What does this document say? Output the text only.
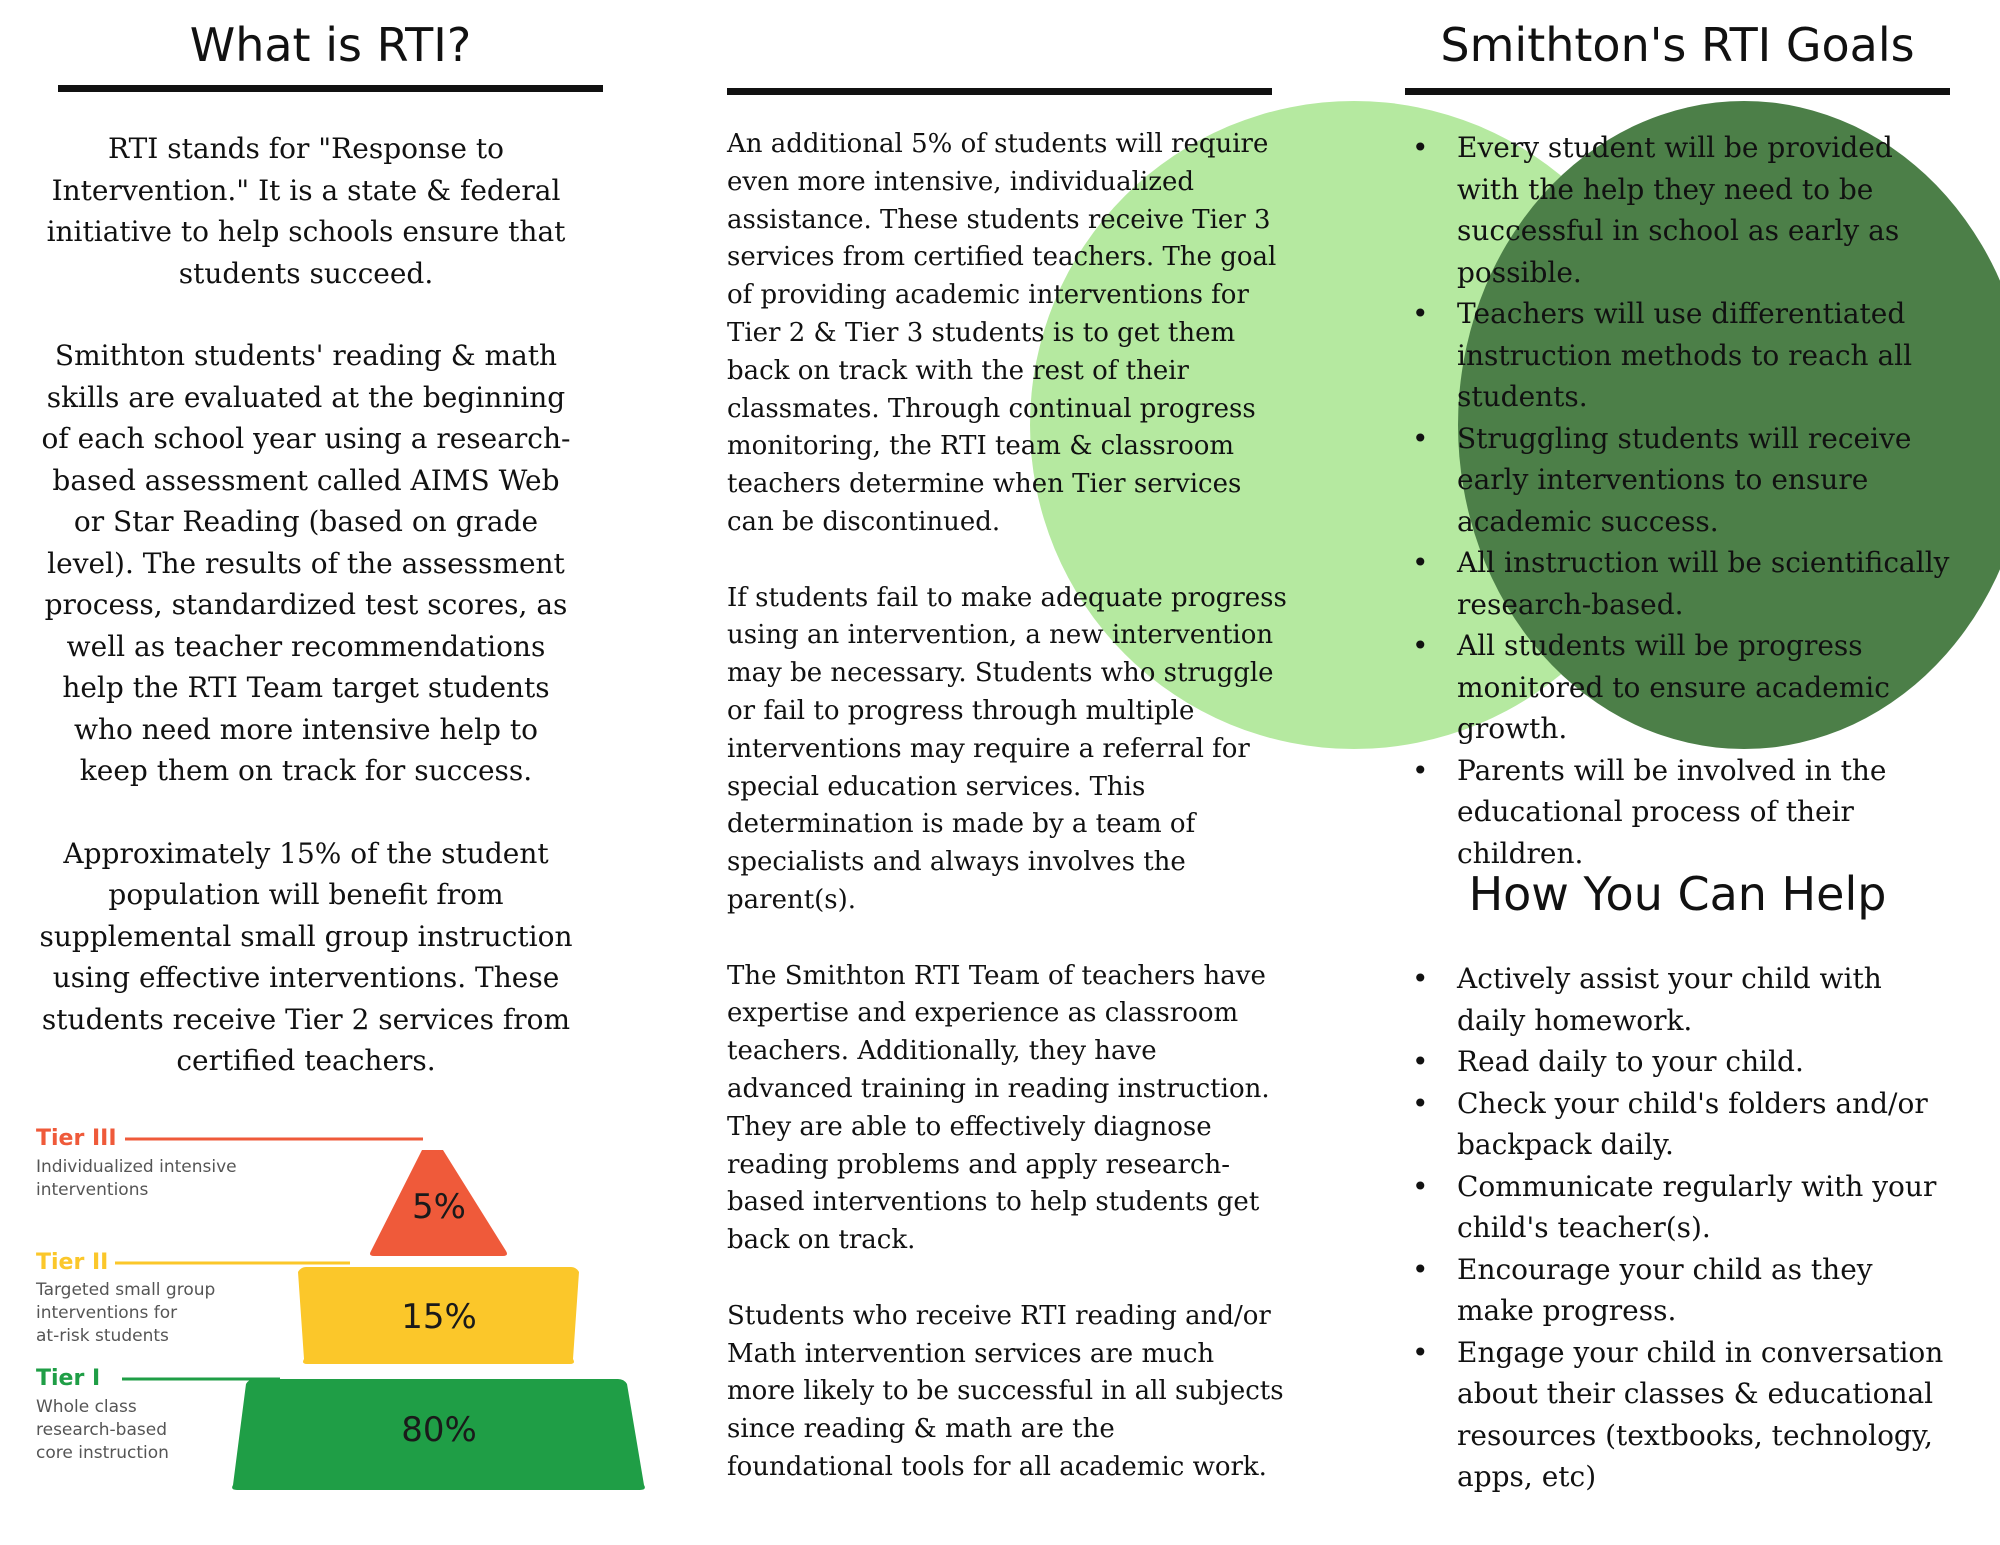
What is RTI?

RTI stands for "Response to Intervention." It is a state & federal initiative to help schools ensure that students succeed.

Smithton students' reading & math skills are evaluated at the beginning of each school year using a research-based assessment called AIMS Web or Star Reading (based on grade level). The results of the assessment process, standardized test scores, as well as teacher recommendations help the RTI Team target students who need more intensive help to keep them on track for success.

Approximately 15% of the student population will benefit from supplemental small group instruction using effective interventions. These students receive Tier 2 services from certified teachers.

Tier III
Individualized intensive
interventions
Tier II
Targeted small group
interventions for
at-risk students
Tier I
Whole class
research-based
core instruction
5%
15%
80%

An additional 5% of students will require even more intensive, individualized assistance. These students receive Tier 3 services from certified teachers. The goal of providing academic interventions for Tier 2 & Tier 3 students is to get them back on track with the rest of their classmates. Through continual progress monitoring, the RTI team & classroom teachers determine when Tier services can be discontinued.

If students fail to make adequate progress using an intervention, a new intervention may be necessary. Students who struggle or fail to progress through multiple interventions may require a referral for special education services. This determination is made by a team of specialists and always involves the parent(s).

The Smithton RTI Team of teachers have expertise and experience as classroom teachers. Additionally, they have advanced training in reading instruction. They are able to effectively diagnose reading problems and apply research-based interventions to help students get back on track.

Students who receive RTI reading and/or Math intervention services are much more likely to be successful in all subjects since reading & math are the foundational tools for all academic work.

Smithton's RTI Goals
• Every student will be provided with the help they need to be successful in school as early as possible.
• Teachers will use differentiated instruction methods to reach all students.
• Struggling students will receive early interventions to ensure academic success.
• All instruction will be scientifically research-based.
• All students will be progress monitored to ensure academic growth.
• Parents will be involved in the educational process of their children.
How You Can Help
• Actively assist your child with daily homework.
• Read daily to your child.
• Check your child's folders and/or backpack daily.
• Communicate regularly with your child's teacher(s).
• Encourage your child as they make progress.
• Engage your child in conversation about their classes & educational resources (textbooks, technology, apps, etc)
